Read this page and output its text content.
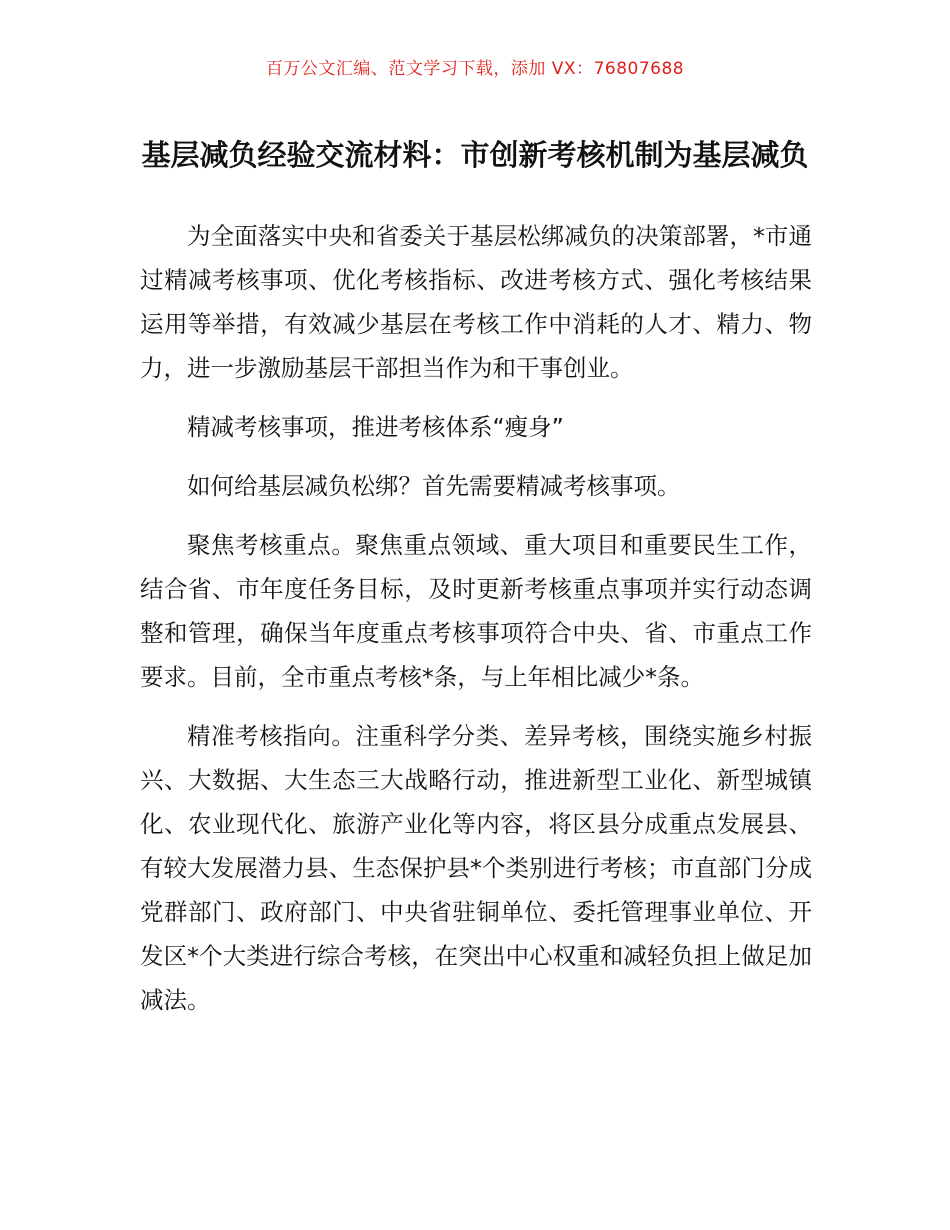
百万公文汇编、范文学习下载，添加 VX：76807688
基层减负经验交流材料：市创新考核机制为基层减负

为全面落实中央和省委关于基层松绑减负的决策部署，*市通过精减考核事项、优化考核指标、改进考核方式、强化考核结果运用等举措，有效减少基层在考核工作中消耗的人才、精力、物力，进一步激励基层干部担当作为和干事创业。

精减考核事项，推进考核体系“瘦身”

如何给基层减负松绑？首先需要精减考核事项。

聚焦考核重点。聚焦重点领域、重大项目和重要民生工作，结合省、市年度任务目标，及时更新考核重点事项并实行动态调整和管理，确保当年度重点考核事项符合中央、省、市重点工作要求。目前，全市重点考核*条，与上年相比减少*条。

精准考核指向。注重科学分类、差异考核，围绕实施乡村振兴、大数据、大生态三大战略行动，推进新型工业化、新型城镇化、农业现代化、旅游产业化等内容，将区县分成重点发展县、有较大发展潜力县、生态保护县*个类别进行考核；市直部门分成党群部门、政府部门、中央省驻铜单位、委托管理事业单位、开发区*个大类进行综合考核，在突出中心权重和减轻负担上做足加减法。
